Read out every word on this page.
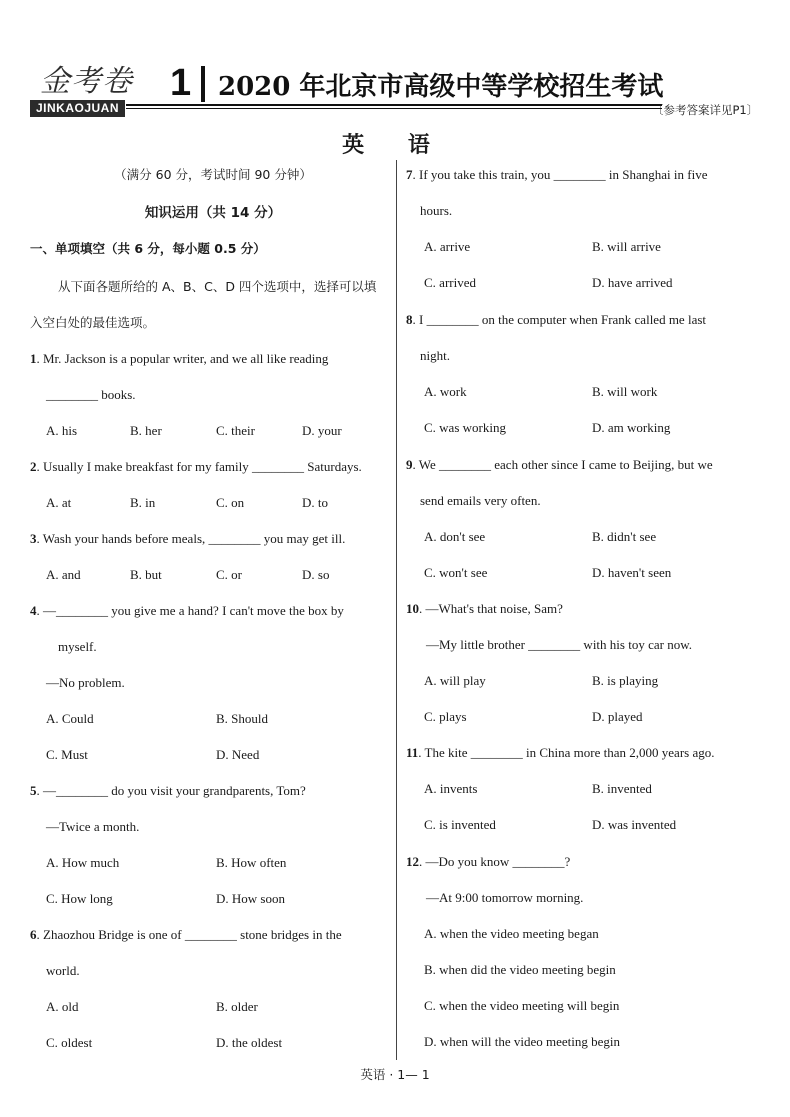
金考卷
JINKAOJUAN
1 2020 年北京市高级中等学校招生考试
〔参考答案详见P1〕
英 语
（满分 60 分，考试时间 90 分钟）
知识运用（共 14 分）
一、单项填空（共 6 分，每小题 0.5 分）
从下面各题所给的 A、B、C、D 四个选项中，选择可以填
入空白处的最佳选项。
1. Mr. Jackson is a popular writer, and we all like reading
________ books.
A. his	B. her	C. their	D. your
2. Usually I make breakfast for my family ________ Saturdays.
A. at	B. in	C. on	D. to
3. Wash your hands before meals, ________ you may get ill.
A. and	B. but	C. or	D. so
4. —________ you give me a hand? I can't move the box by
myself.
—No problem.
A. Could	B. Should
C. Must	D. Need
5. —________ do you visit your grandparents, Tom?
—Twice a month.
A. How much	B. How often
C. How long	D. How soon
6. Zhaozhou Bridge is one of ________ stone bridges in the
world.
A. old	B. older
C. oldest	D. the oldest
7. If you take this train, you ________ in Shanghai in five
hours.
A. arrive	B. will arrive
C. arrived	D. have arrived
8. I ________ on the computer when Frank called me last
night.
A. work	B. will work
C. was working	D. am working
9. We ________ each other since I came to Beijing, but we
send emails very often.
A. don't see	B. didn't see
C. won't see	D. haven't seen
10. —What's that noise, Sam?
—My little brother ________ with his toy car now.
A. will play	B. is playing
C. plays	D. played
11. The kite ________ in China more than 2,000 years ago.
A. invents	B. invented
C. is invented	D. was invented
12. —Do you know ________?
—At 9:00 tomorrow morning.
A. when the video meeting began
B. when did the video meeting begin
C. when the video meeting will begin
D. when will the video meeting begin
英语 · 1— 1
